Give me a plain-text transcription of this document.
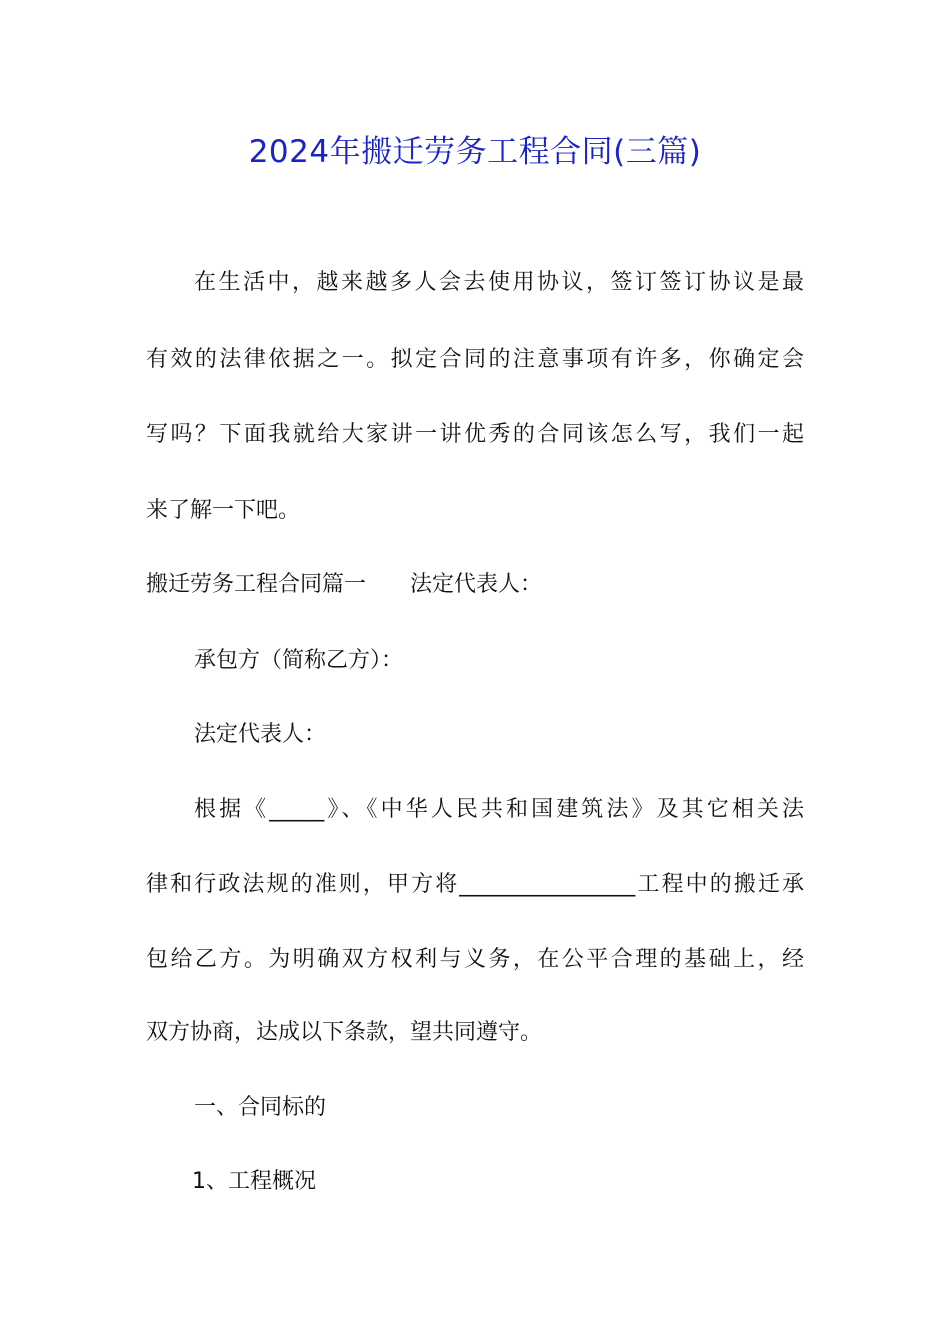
2024年搬迁劳务工程合同(三篇)
在生活中，越来越多人会去使用协议，签订签订协议是最
有效的法律依据之一。拟定合同的注意事项有许多，你确定会
写吗？下面我就给大家讲一讲优秀的合同该怎么写，我们一起
来了解一下吧。
搬迁劳务工程合同篇一　　法定代表人：
承包方（简称乙方）：
法定代表人：
根据《_____》、《中华人民共和国建筑法》及其它相关法
律和行政法规的准则，甲方将________________工程中的搬迁承
包给乙方。为明确双方权利与义务，在公平合理的基础上，经
双方协商，达成以下条款，望共同遵守。
一、合同标的
1、工程概况
